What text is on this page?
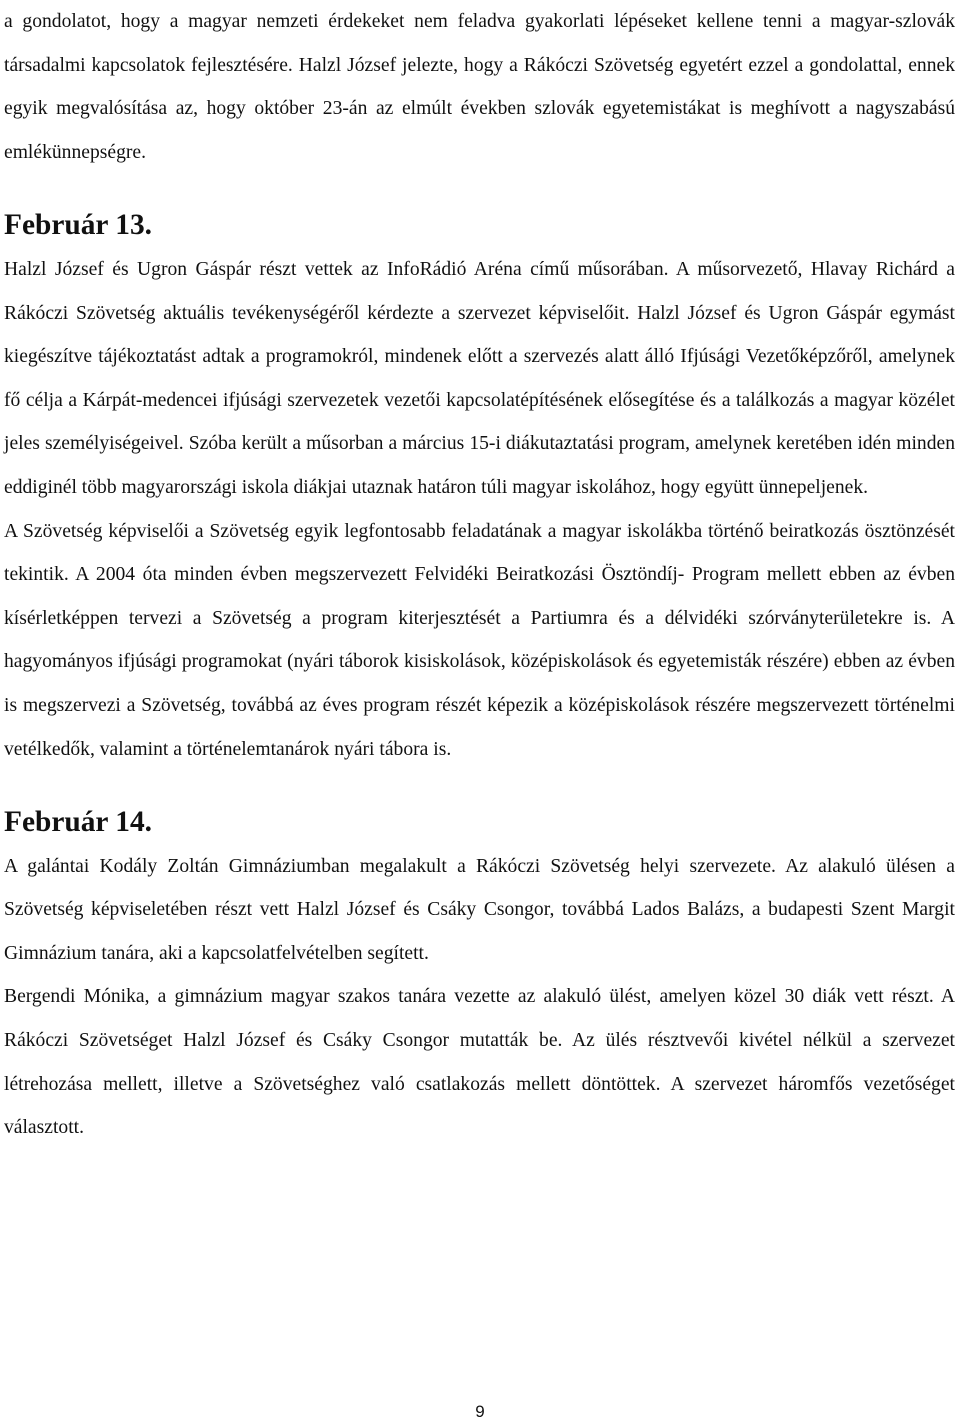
a gondolatot, hogy a magyar nemzeti érdekeket nem feladva gyakorlati lépéseket kellene tenni a magyar-szlovák társadalmi kapcsolatok fejlesztésére. Halzl József jelezte, hogy a Rákóczi Szövetség egyetért ezzel a gondolattal, ennek egyik megvalósítása az, hogy október 23-án az elmúlt években szlovák egyetemistákat is meghívott a nagyszabású emlékünnepségre.

Február 13.

Halzl József és Ugron Gáspár részt vettek az InfoRádió Aréna című műsorában. A műsorvezető, Hlavay Richárd a Rákóczi Szövetség aktuális tevékenységéről kérdezte a szervezet képviselőit. Halzl József és Ugron Gáspár egymást kiegészítve tájékoztatást adtak a programokról, mindenek előtt a szervezés alatt álló Ifjúsági Vezetőképzőről, amelynek fő célja a Kárpát-medencei ifjúsági szervezetek vezetői kapcsolatépítésének elősegítése és a találkozás a magyar közélet jeles személyiségeivel. Szóba került a műsorban a március 15-i diákutaztatási program, amelynek keretében idén minden eddiginél több magyarországi iskola diákjai utaznak határon túli magyar iskolához, hogy együtt ünnepeljenek.

A Szövetség képviselői a Szövetség egyik legfontosabb feladatának a magyar iskolákba történő beiratkozás ösztönzését tekintik. A 2004 óta minden évben megszervezett Felvidéki Beiratkozási Ösztöndíj- Program mellett ebben az évben kísérletképpen tervezi a Szövetség a program kiterjesztését a Partiumra és a délvidéki szórványterületekre is. A hagyományos ifjúsági programokat (nyári táborok kisiskolások, középiskolások és egyetemisták részére) ebben az évben is megszervezi a Szövetség, továbbá az éves program részét képezik a középiskolások részére megszervezett történelmi vetélkedők, valamint a történelemtanárok nyári tábora is.

Február 14.

A galántai Kodály Zoltán Gimnáziumban megalakult a Rákóczi Szövetség helyi szervezete. Az alakuló ülésen a Szövetség képviseletében részt vett Halzl József és Csáky Csongor, továbbá Lados Balázs, a budapesti Szent Margit Gimnázium tanára, aki a kapcsolatfelvételben segített.

Bergendi Mónika, a gimnázium magyar szakos tanára vezette az alakuló ülést, amelyen közel 30 diák vett részt. A Rákóczi Szövetséget Halzl József és Csáky Csongor mutatták be. Az ülés résztvevői kivétel nélkül a szervezet létrehozása mellett, illetve a Szövetséghez való csatlakozás mellett döntöttek. A szervezet háromfős vezetőséget választott.

9
